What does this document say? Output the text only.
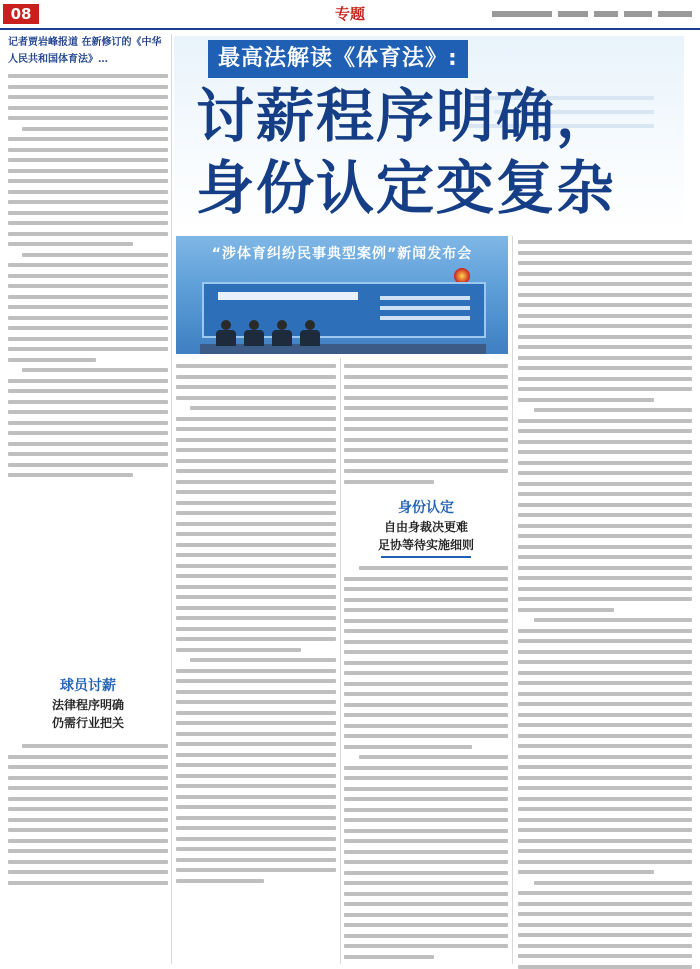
08	专题

记者贾岩峰报道 在新修订的《中华人民共和国体育法》…

球员讨薪
法律程序明确
仍需行业把关
最高法解读《体育法》:
讨薪程序明确， 身份认定变复杂
“涉体育纠纷民事典型案例”新闻发布会
身份认定
自由身裁决更难
足协等待实施细则
